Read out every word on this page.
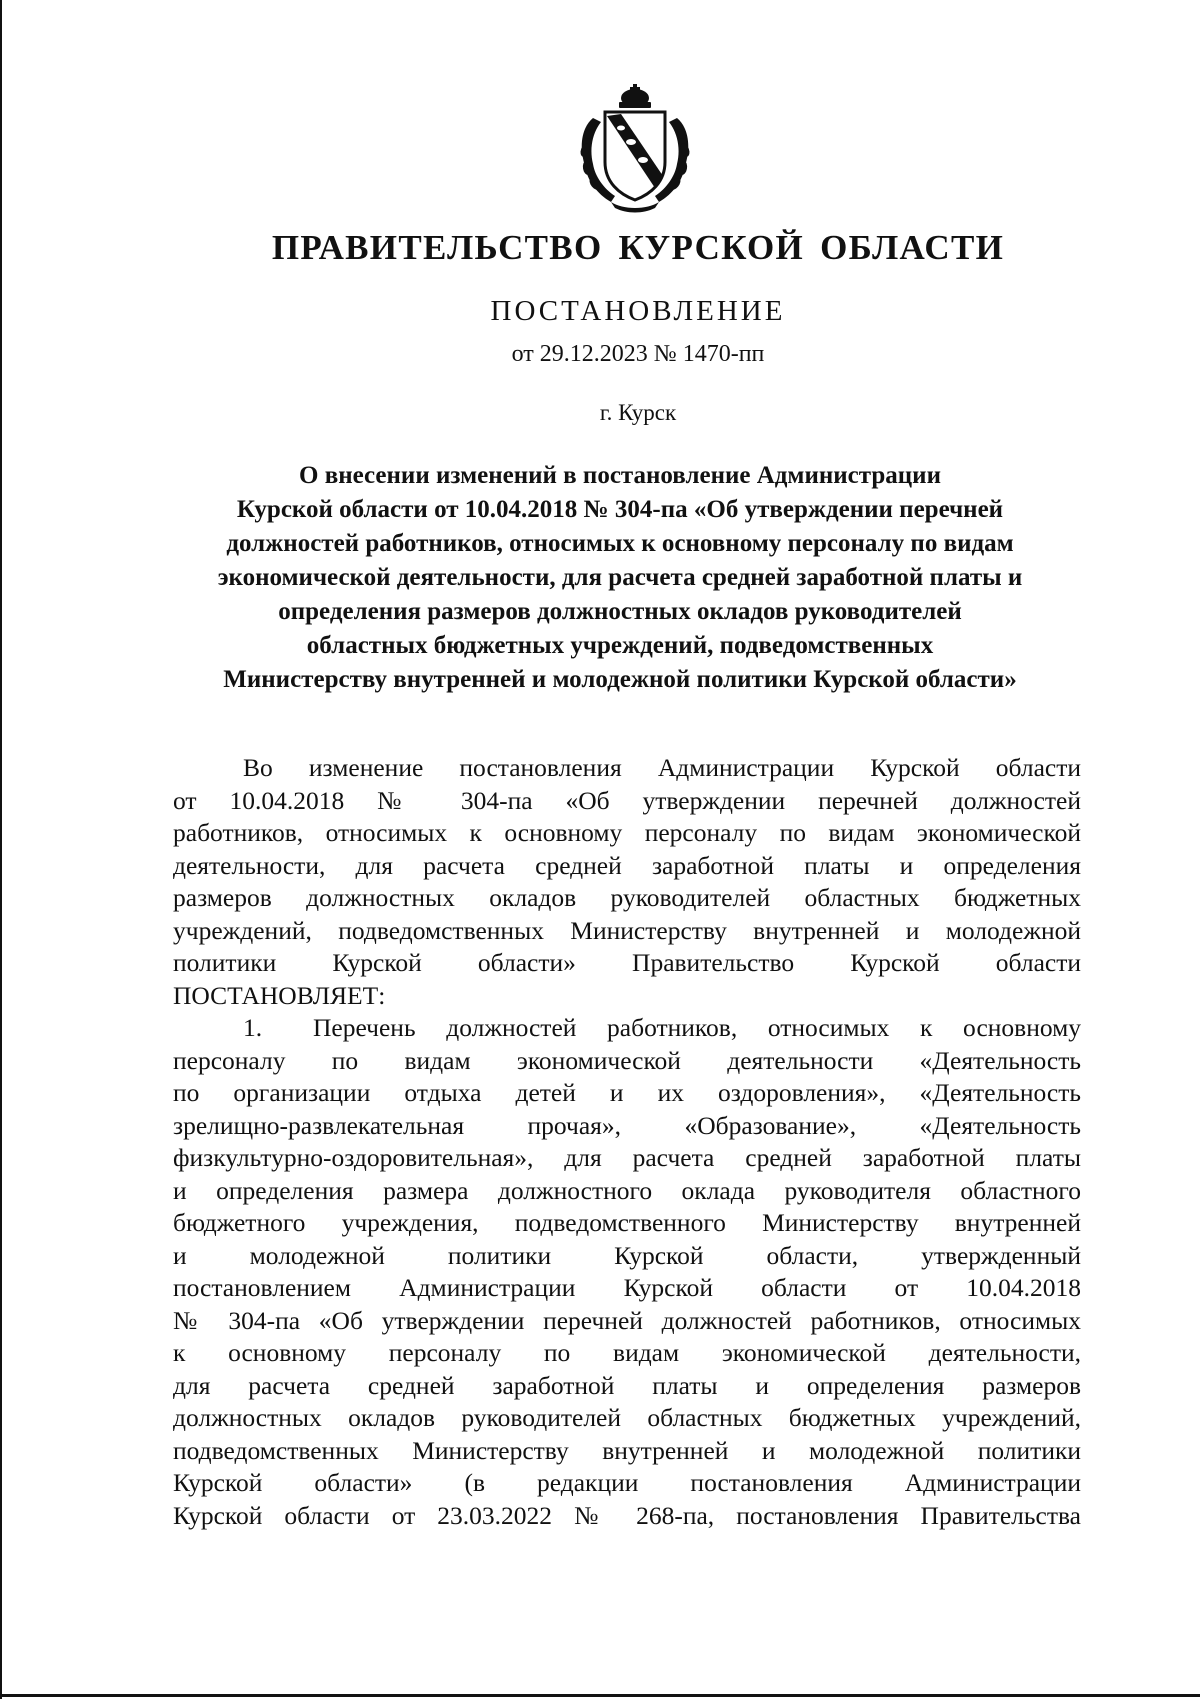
ПРАВИТЕЛЬСТВО КУРСКОЙ ОБЛАСТИ
ПОСТАНОВЛЕНИЕ
от 29.12.2023 № 1470-пп
г. Курск
О внесении изменений в постановление Администрации
Курской области от 10.04.2018 № 304-па «Об утверждении перечней
должностей работников, относимых к основному персоналу по видам
экономической деятельности, для расчета средней заработной платы и
определения размеров должностных окладов руководителей
областных бюджетных учреждений, подведомственных
Министерству внутренней и молодежной политики Курской области»
Во изменение постановления Администрации Курской области
от 10.04.2018 № 304-па «Об утверждении перечней должностей
работников, относимых к основному персоналу по видам экономической
деятельности, для расчета средней заработной платы и определения
размеров должностных окладов руководителей областных бюджетных
учреждений, подведомственных Министерству внутренней и молодежной
политики Курской области» Правительство Курской области
ПОСТАНОВЛЯЕТ:
1. Перечень должностей работников, относимых к основному
персоналу по видам экономической деятельности «Деятельность
по организации отдыха детей и их оздоровления», «Деятельность
зрелищно-развлекательная прочая», «Образование», «Деятельность
физкультурно-оздоровительная», для расчета средней заработной платы
и определения размера должностного оклада руководителя областного
бюджетного учреждения, подведомственного Министерству внутренней
и молодежной политики Курской области, утвержденный
постановлением Администрации Курской области от 10.04.2018
№ 304-па «Об утверждении перечней должностей работников, относимых
к основному персоналу по видам экономической деятельности,
для расчета средней заработной платы и определения размеров
должностных окладов руководителей областных бюджетных учреждений,
подведомственных Министерству внутренней и молодежной политики
Курской области» (в редакции постановления Администрации
Курской области от 23.03.2022 № 268-па, постановления Правительства
